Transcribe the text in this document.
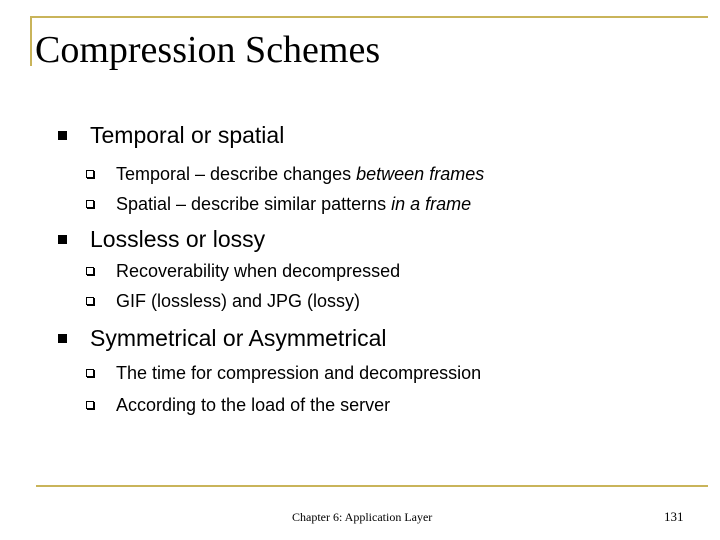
Compression Schemes
Temporal or spatial
Temporal – describe changes between frames
Spatial – describe similar patterns in a frame
Lossless or lossy
Recoverability when decompressed
GIF (lossless) and JPG (lossy)
Symmetrical or Asymmetrical
The time for compression and decompression
According to the load of the server
Chapter 6: Application Layer	131
